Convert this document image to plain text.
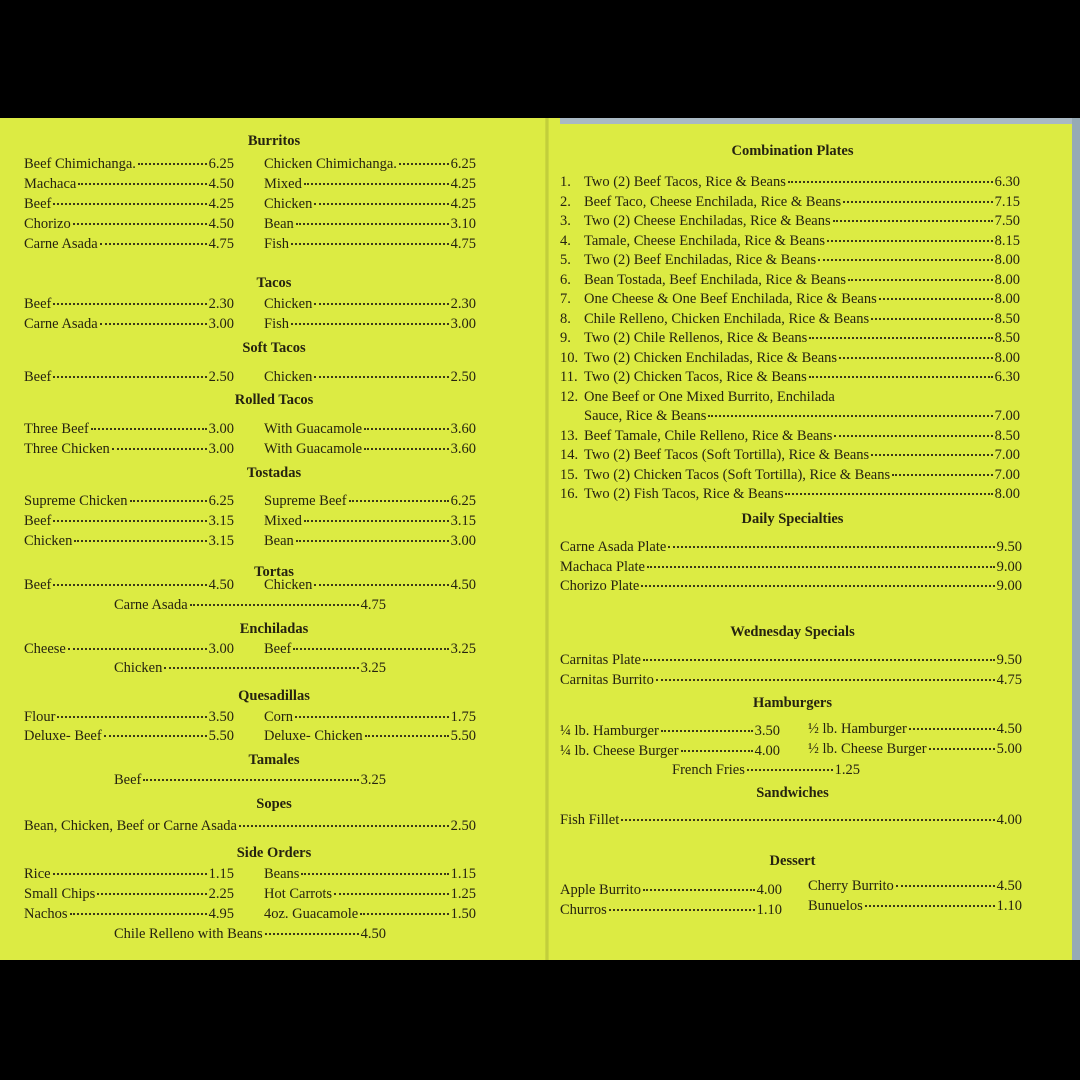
Burritos
Beef Chimichanga.	6.25
Machaca	4.50
Beef	4.25
Chorizo	4.50
Carne Asada	4.75
Chicken Chimichanga.	6.25
Mixed	4.25
Chicken	4.25
Bean	3.10
Fish	4.75
Tacos
Beef	2.30
Carne Asada	3.00
Chicken	2.30
Fish	3.00
Soft Tacos
Beef	2.50 Chicken	2.50
Rolled Tacos
Three Beef	3.00
Three Chicken	3.00
With Guacamole	3.60
With Guacamole	3.60
Tostadas
Supreme Chicken	6.25
Beef	3.15
Chicken	3.15
Supreme Beef	6.25
Mixed	3.15
Bean	3.00
Tortas
Beef	4.50 Chicken	4.50
Carne Asada	4.75
Enchiladas
Cheese	3.00 Beef	3.25
Chicken	3.25
Quesadillas
Flour	3.50
Deluxe- Beef	5.50
Corn	1.75
Deluxe- Chicken	5.50
Tamales
Beef	3.25
Sopes
Bean, Chicken, Beef or Carne Asada	2.50
Side Orders
Rice	1.15
Small Chips	2.25
Nachos	4.95
Beans	1.15
Hot Carrots	1.25
4oz. Guacamole	1.50
Chile Relleno with Beans	4.50
Combination Plates
1. Two (2) Beef Tacos, Rice & Beans	6.30
2. Beef Taco, Cheese Enchilada, Rice & Beans	7.15
3. Two (2) Cheese Enchiladas, Rice & Beans	7.50
4. Tamale, Cheese Enchilada, Rice & Beans	8.15
5. Two (2) Beef Enchiladas, Rice & Beans	8.00
6. Bean Tostada, Beef Enchilada, Rice & Beans	8.00
7. One Cheese & One Beef Enchilada, Rice & Beans	8.00
8. Chile Relleno, Chicken Enchilada, Rice & Beans	8.50
9. Two (2) Chile Rellenos, Rice & Beans	8.50
10. Two (2) Chicken Enchiladas, Rice & Beans	8.00
11. Two (2) Chicken Tacos, Rice & Beans	6.30
12. One Beef or One Mixed Burrito, Enchilada
Sauce, Rice & Beans	7.00
13. Beef Tamale, Chile Relleno, Rice & Beans	8.50
14. Two (2) Beef Tacos (Soft Tortilla), Rice & Beans	7.00
15. Two (2) Chicken Tacos (Soft Tortilla), Rice & Beans	7.00
16. Two (2) Fish Tacos, Rice & Beans	8.00
Daily Specialties
Carne Asada Plate	9.50
Machaca Plate	9.00
Chorizo Plate	9.00
Wednesday Specials
Carnitas Plate	9.50
Carnitas Burrito	4.75
Hamburgers
¼ lb. Hamburger	3.50
¼ lb. Cheese Burger	4.00
½ lb. Hamburger	4.50
½ lb. Cheese Burger	5.00
French Fries	1.25
Sandwiches
Fish Fillet	4.00
Dessert
Apple Burrito	4.00
Churros	1.10
Cherry Burrito	4.50
Bunuelos	1.10
